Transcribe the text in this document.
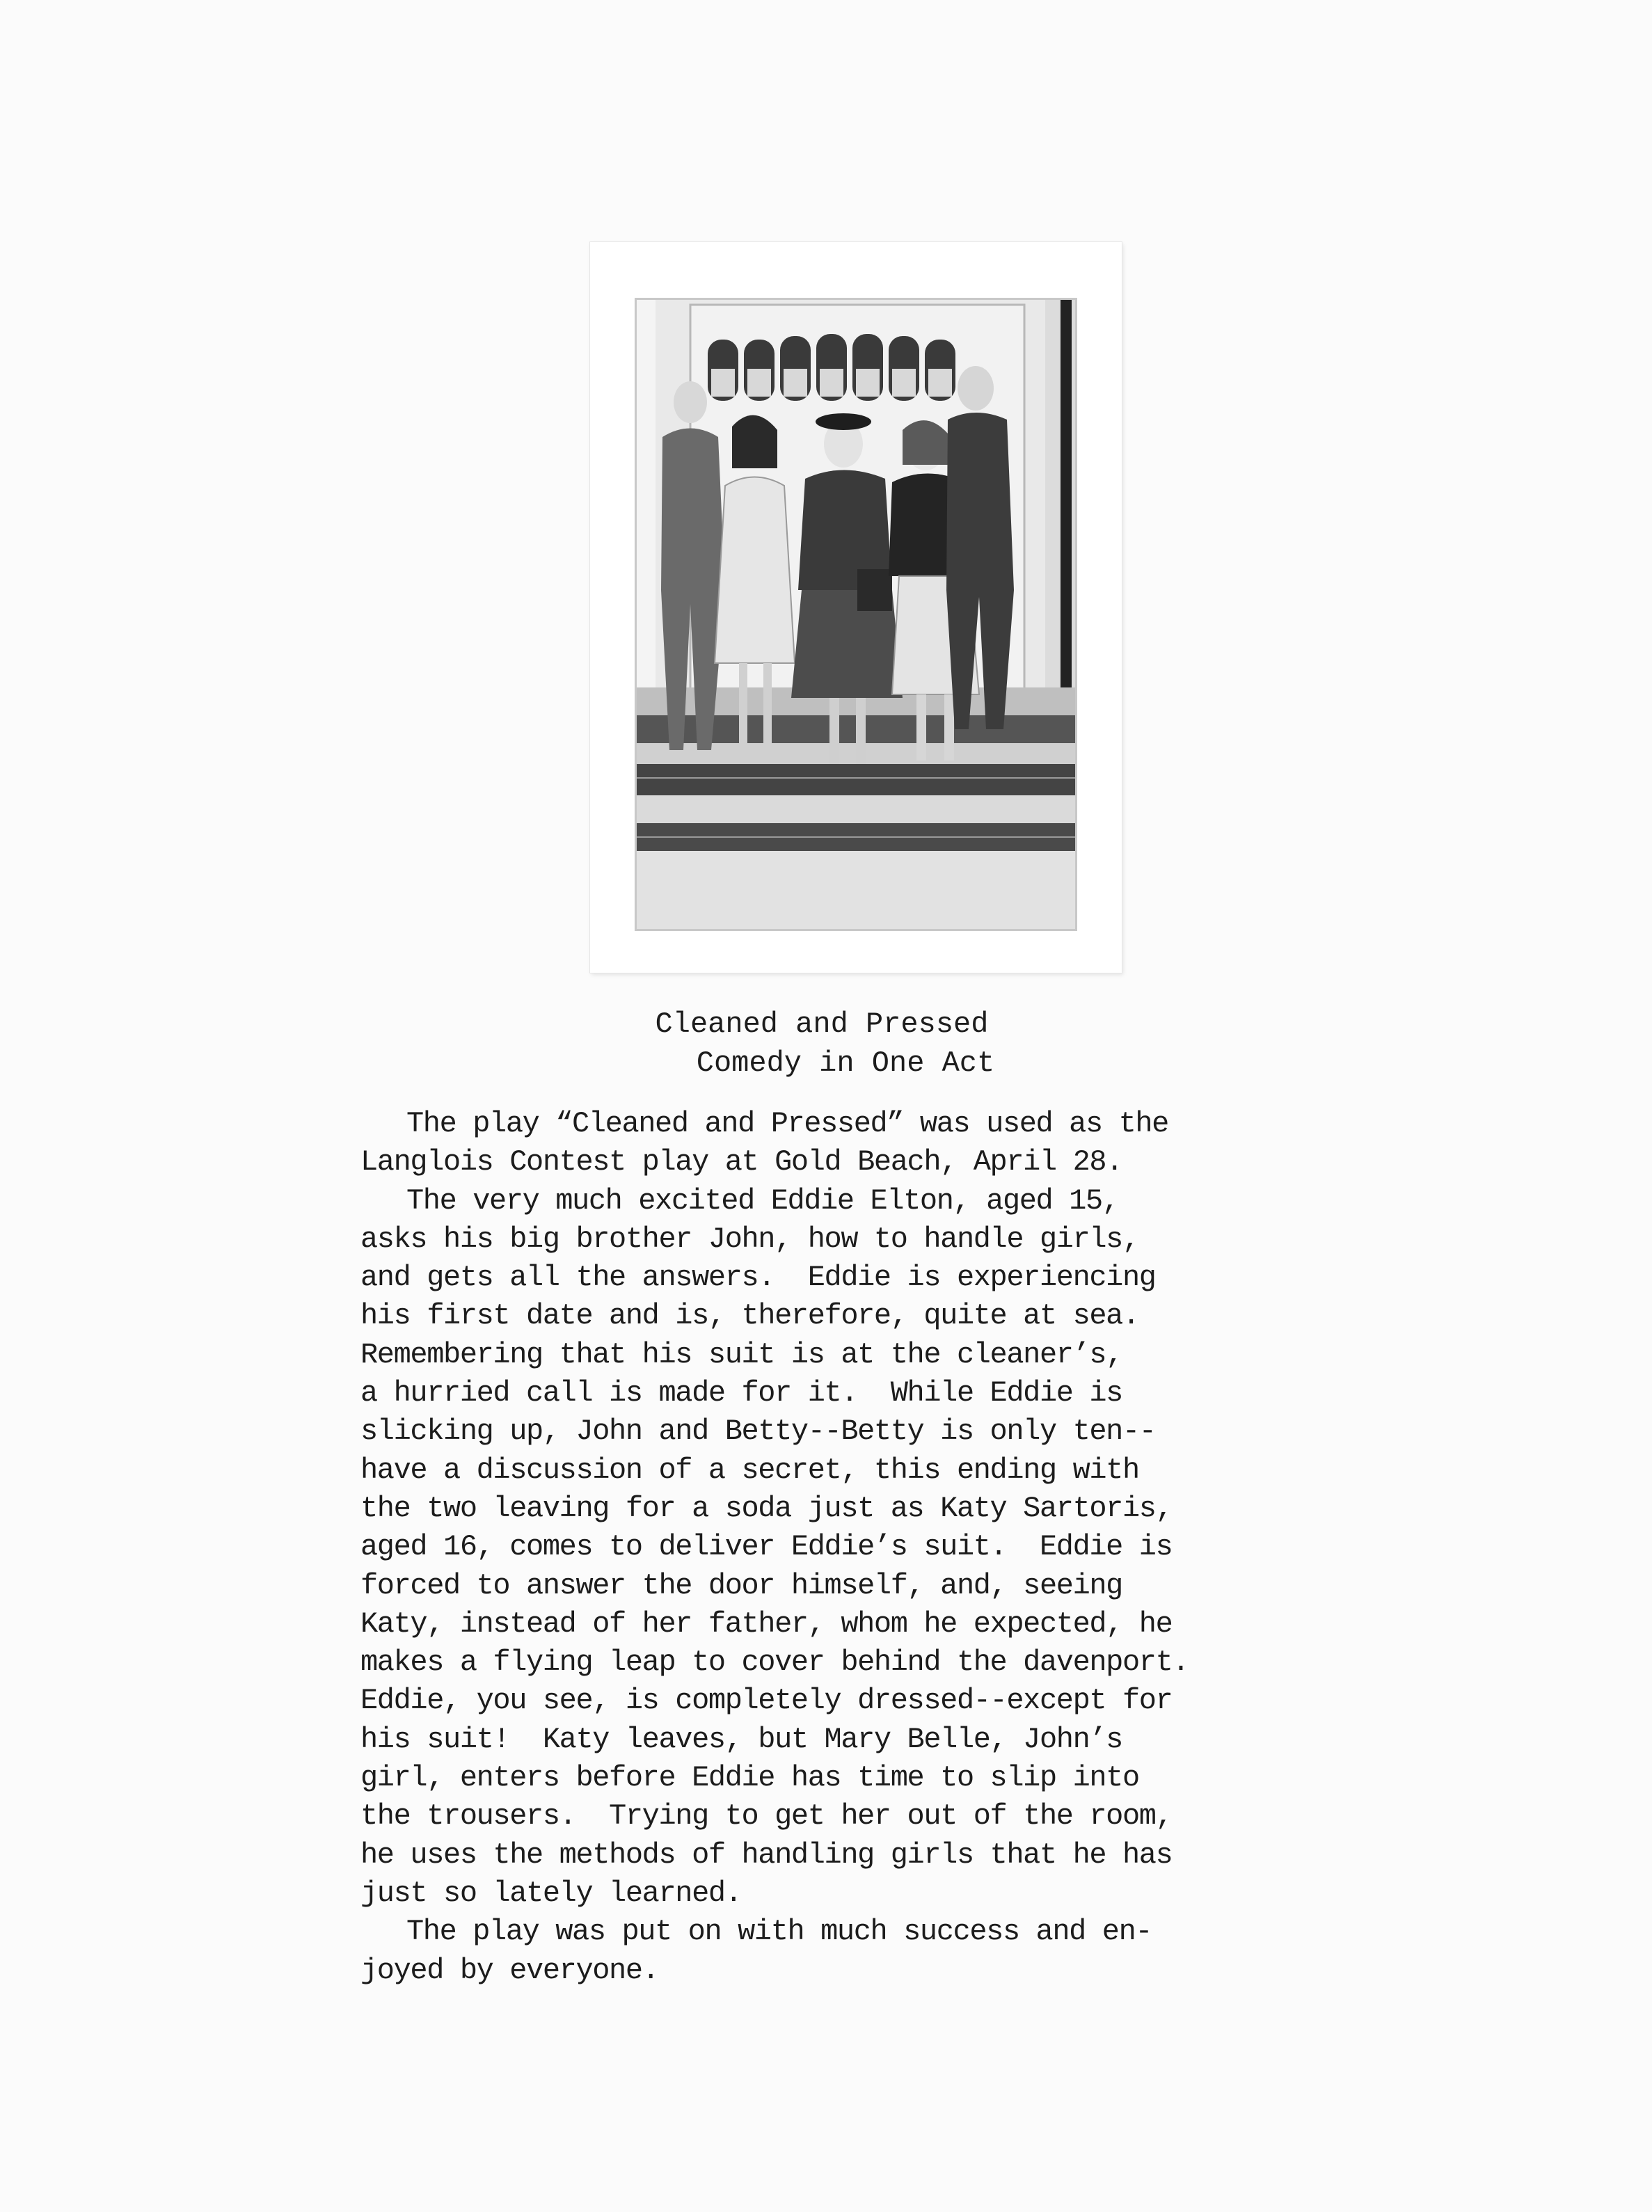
Cleaned and Pressed
Comedy in One Act
The play “Cleaned and Pressed” was used as the
Langlois Contest play at Gold Beach, April 28.
The very much excited Eddie Elton, aged 15,
asks his big brother John, how to handle girls,
and gets all the answers.  Eddie is experiencing
his first date and is, therefore, quite at sea.
Remembering that his suit is at the cleaner’s,
a hurried call is made for it.  While Eddie is
slicking up, John and Betty--Betty is only ten--
have a discussion of a secret, this ending with
the two leaving for a soda just as Katy Sartoris,
aged 16, comes to deliver Eddie’s suit.  Eddie is
forced to answer the door himself, and, seeing
Katy, instead of her father, whom he expected, he
makes a flying leap to cover behind the davenport.
Eddie, you see, is completely dressed--except for
his suit!  Katy leaves, but Mary Belle, John’s
girl, enters before Eddie has time to slip into
the trousers.  Trying to get her out of the room,
he uses the methods of handling girls that he has
just so lately learned.
The play was put on with much success and en-
joyed by everyone.
